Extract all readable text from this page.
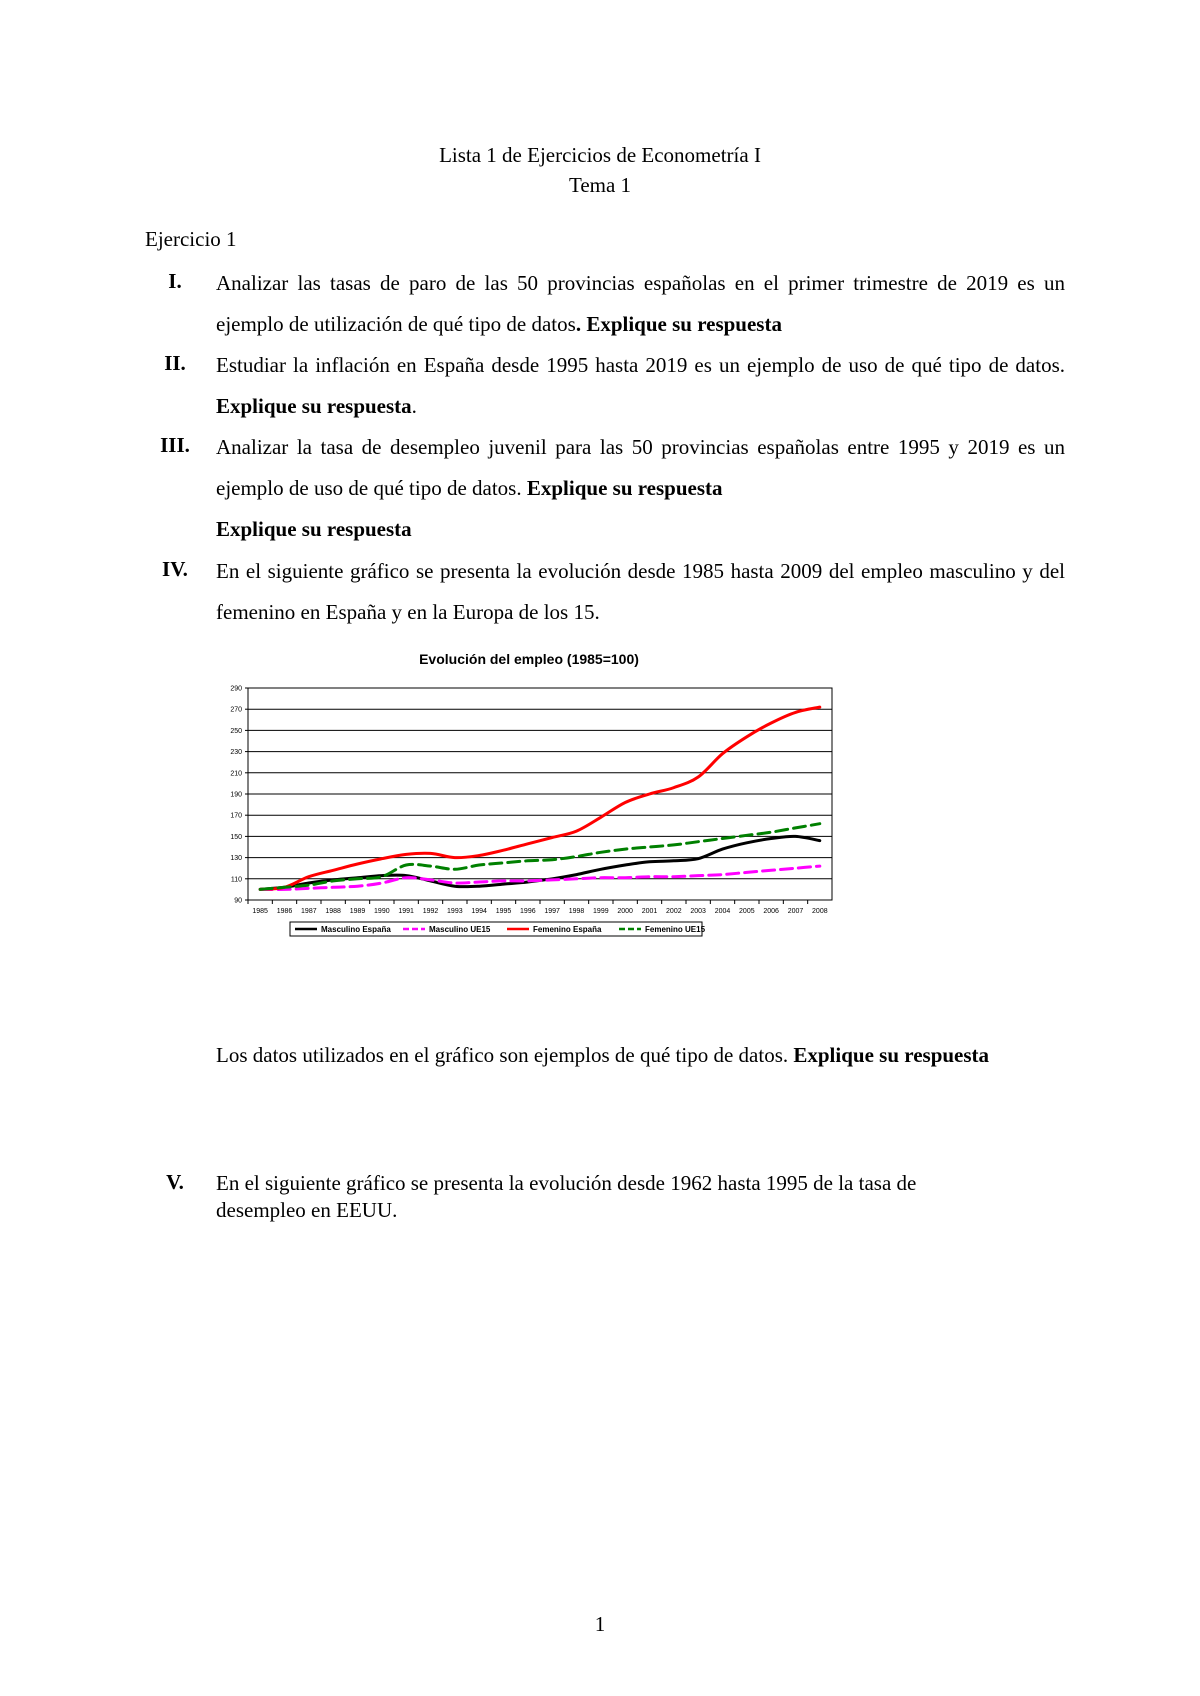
Lista 1 de Ejercicios de Econometría I
Tema 1
Ejercicio 1
I.	Analizar las tasas de paro de las 50 provincias españolas en el primer trimestre de 2019 es un ejemplo de utilización de qué tipo de datos. Explique su respuesta
II.	Estudiar la inflación en España desde 1995 hasta 2019 es un ejemplo de uso de qué tipo de datos. Explique su respuesta.
III.	Analizar la tasa de desempleo juvenil para las 50 provincias españolas entre 1995 y 2019 es un ejemplo de uso de qué tipo de datos. Explique su respuesta
Explique su respuesta
IV.	En el siguiente gráfico se presenta la evolución desde 1985 hasta 2009 del empleo masculino y del femenino en España y en la Europa de los 15.
Evolución del empleo (1985=100)
90
110
130
150
170
190
210
230
250
270
290
1985 1986 1987 1988 1989 1990 1991 1992 1993 1994 1995 1996 1997 1998 1999 2000 2001 2002 2003 2004 2005 2006 2007 2008
Masculino España	Masculino UE15	Femenino España	Femenino UE15
Los datos utilizados en el gráfico son ejemplos de qué tipo de datos. Explique su respuesta
V.	En el siguiente gráfico se presenta la evolución desde 1962 hasta 1995 de la tasa de desempleo en EEUU.
1
